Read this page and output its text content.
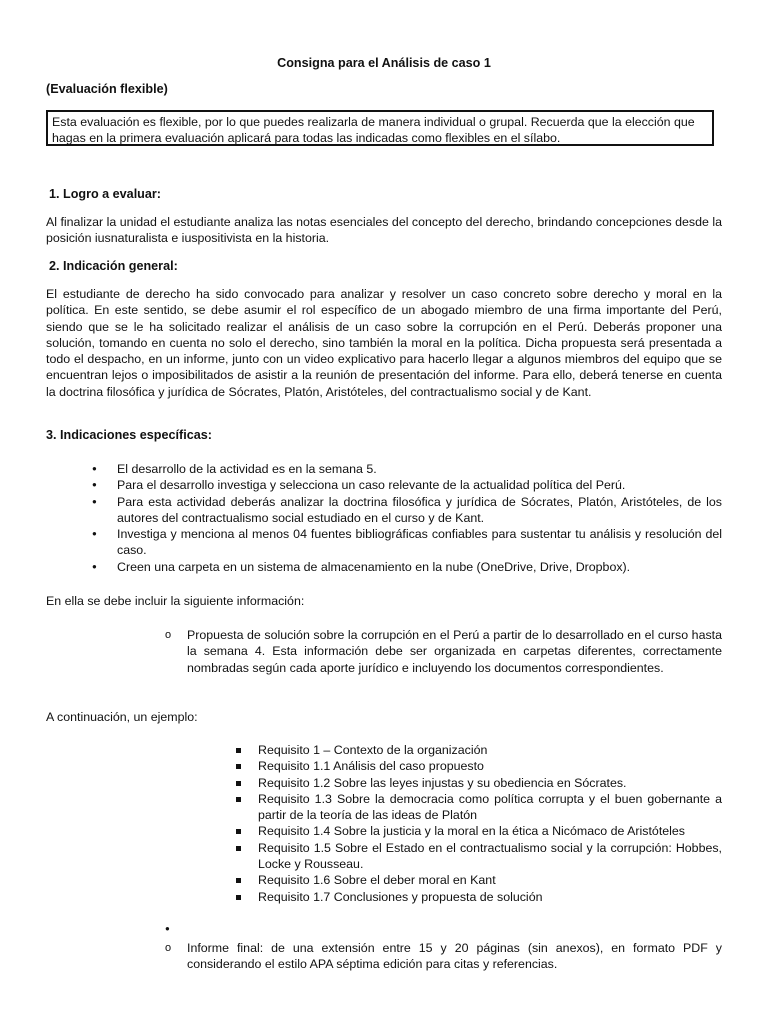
Consigna para el Análisis de caso 1
(Evaluación flexible)
Esta evaluación es flexible, por lo que puedes realizarla de manera individual o grupal. Recuerda que la elección que hagas en la primera evaluación aplicará para todas las indicadas como flexibles en el sílabo.
1. Logro a evaluar:
Al finalizar la unidad el estudiante analiza las notas esenciales del concepto del derecho, brindando concepciones desde la posición iusnaturalista e iuspositivista en la historia.
2. Indicación general:
El estudiante de derecho ha sido convocado para analizar y resolver un caso concreto sobre derecho y moral en la política. En este sentido, se debe asumir el rol específico de un abogado miembro de una firma importante del Perú, siendo que se le ha solicitado realizar el análisis de un caso sobre la corrupción en el Perú. Deberás proponer una solución, tomando en cuenta no solo el derecho, sino también la moral en la política. Dicha propuesta será presentada a todo el despacho, en un informe, junto con un video explicativo para hacerlo llegar a algunos miembros del equipo que se encuentran lejos o imposibilitados de asistir a la reunión de presentación del informe. Para ello, deberá tenerse en cuenta la doctrina filosófica y jurídica de Sócrates, Platón, Aristóteles, del contractualismo social y de Kant.
3. Indicaciones específicas:
● El desarrollo de la actividad es en la semana 5.
● Para el desarrollo investiga y selecciona un caso relevante de la actualidad política del Perú.
● Para esta actividad deberás analizar la doctrina filosófica y jurídica de Sócrates, Platón, Aristóteles, de los autores del contractualismo social estudiado en el curso y de Kant.
● Investiga y menciona al menos 04 fuentes bibliográficas confiables para sustentar tu análisis y resolución del caso.
● Creen una carpeta en un sistema de almacenamiento en la nube (OneDrive, Drive, Dropbox).
En ella se debe incluir la siguiente información:
o Propuesta de solución sobre la corrupción en el Perú a partir de lo desarrollado en el curso hasta la semana 4. Esta información debe ser organizada en carpetas diferentes, correctamente nombradas según cada aporte jurídico e incluyendo los documentos correspondientes.
A continuación, un ejemplo:
Requisito 1 – Contexto de la organización
Requisito 1.1 Análisis del caso propuesto
Requisito 1.2 Sobre las leyes injustas y su obediencia en Sócrates.
Requisito 1.3 Sobre la democracia como política corrupta y el buen gobernante a partir de la teoría de las ideas de Platón
Requisito 1.4 Sobre la justicia y la moral en la ética a Nicómaco de Aristóteles
Requisito 1.5 Sobre el Estado en el contractualismo social y la corrupción: Hobbes, Locke y Rousseau.
Requisito 1.6 Sobre el deber moral en Kant
Requisito 1.7 Conclusiones y propuesta de solución
●
o Informe final: de una extensión entre 15 y 20 páginas (sin anexos), en formato PDF y considerando el estilo APA séptima edición para citas y referencias.
